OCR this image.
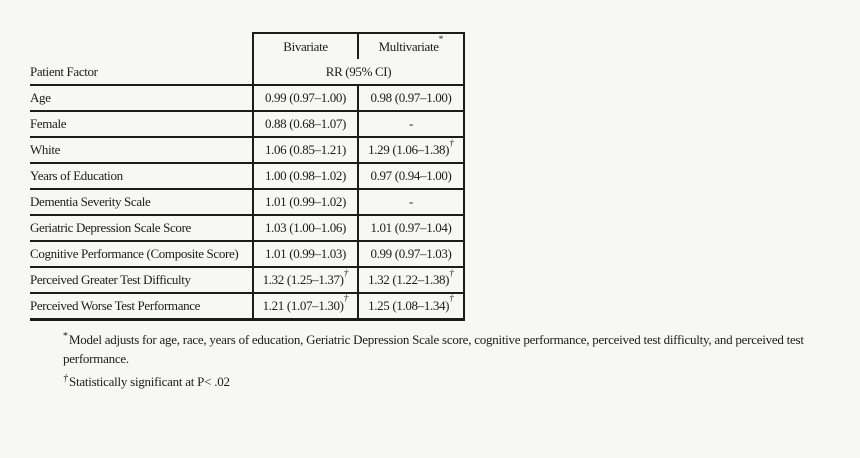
	Bivariate	Multivariate*
Patient Factor	RR (95% CI)	
Age	0.99 (0.97–1.00)	0.98 (0.97–1.00)
Female	0.88 (0.68–1.07)	-
White	1.06 (0.85–1.21)	1.29 (1.06–1.38)†
Years of Education	1.00 (0.98–1.02)	0.97 (0.94–1.00)
Dementia Severity Scale	1.01 (0.99–1.02)	-
Geriatric Depression Scale Score	1.03 (1.00–1.06)	1.01 (0.97–1.04)
Cognitive Performance (Composite Score)	1.01 (0.99–1.03)	0.99 (0.97–1.03)
Perceived Greater Test Difficulty	1.32 (1.25–1.37)†	1.32 (1.22–1.38)†
Perceived Worse Test Performance	1.21 (1.07–1.30)†	1.25 (1.08–1.34)†
*Model adjusts for age, race, years of education, Geriatric Depression Scale score, cognitive performance, perceived test difficulty, and perceived test
performance.
†Statistically significant at P< .02
